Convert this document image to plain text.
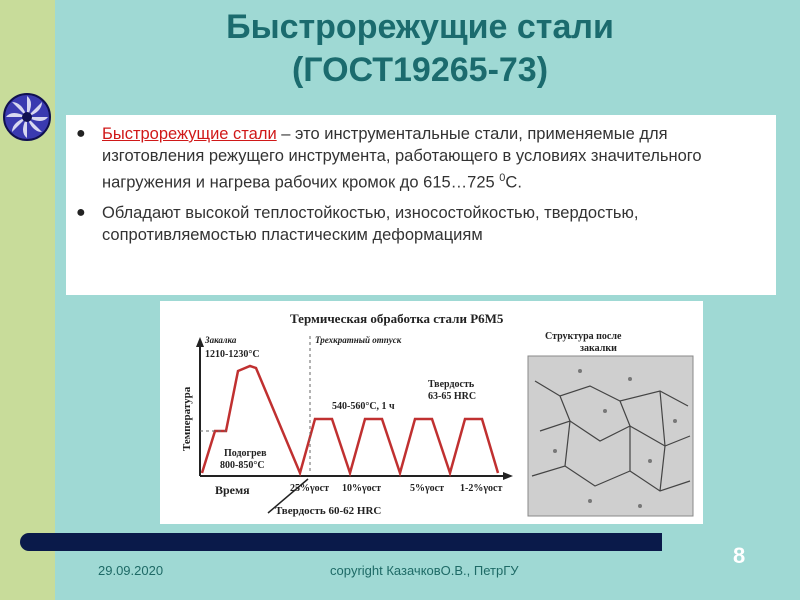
Быстрорежущие стали
(ГОСТ19265-73)
● Быстрорежущие стали – это инструментальные стали, применяемые для изготовления режущего инструмента, работающего в условиях значительного нагружения и нагрева рабочих кромок до 615…725 $^0$С.
● Обладают высокой теплостойкостью, износостойкостью, твердостью, сопротивляемостью пластическим деформациям
Термическая обработка стали Р6М5
Температура
Время
Закалка
1210-1230°C
Трехкратный отпуск
540-560°C, 1 ч
Твердость
63-65 HRC
Подогрев
800-850°C
25%γост 10%γост	5%γост 1-2%γост
Твердость 60-62 HRC
Структура после
закалки
29.09.2020	copyright КазачковО.В., ПетрГУ
8
